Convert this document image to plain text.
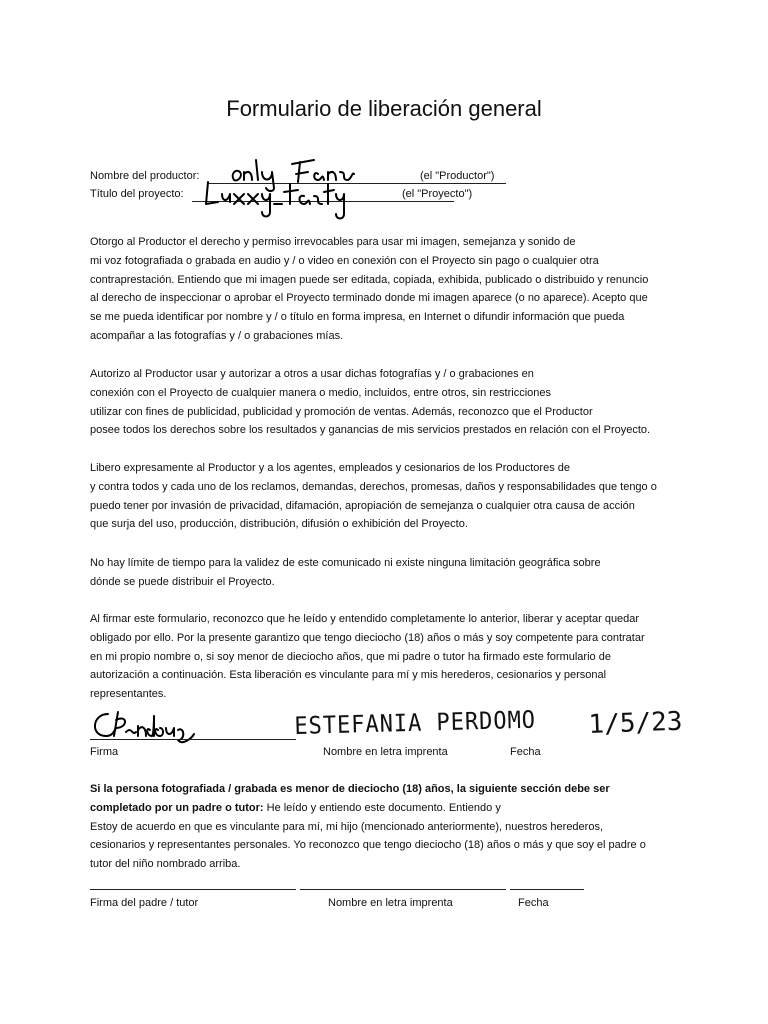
Formulario de liberación general
Nombre del productor:	(el "Productor")
Título del proyecto:	(el "Proyecto")
Otorgo al Productor el derecho y permiso irrevocables para usar mi imagen, semejanza y sonido de
mi voz fotografiada o grabada en audio y / o video en conexión con el Proyecto sin pago o cualquier otra
contraprestación. Entiendo que mi imagen puede ser editada, copiada, exhibida, publicado o distribuido y renuncio
al derecho de inspeccionar o aprobar el Proyecto terminado donde mi imagen aparece (o no aparece). Acepto que
se me pueda identificar por nombre y / o título en forma impresa, en Internet o difundir información que pueda
acompañar a las fotografías y / o grabaciones mías.
Autorizo al Productor usar y autorizar a otros a usar dichas fotografías y / o grabaciones en
conexión con el Proyecto de cualquier manera o medio, incluidos, entre otros, sin restricciones
utilizar con fines de publicidad, publicidad y promoción de ventas. Además, reconozco que el Productor
posee todos los derechos sobre los resultados y ganancias de mis servicios prestados en relación con el Proyecto.
Libero expresamente al Productor y a los agentes, empleados y cesionarios de los Productores de
y contra todos y cada uno de los reclamos, demandas, derechos, promesas, daños y responsabilidades que tengo o
puedo tener por invasión de privacidad, difamación, apropiación de semejanza o cualquier otra causa de acción
que surja del uso, producción, distribución, difusión o exhibición del Proyecto.
No hay límite de tiempo para la validez de este comunicado ni existe ninguna limitación geográfica sobre
dónde se puede distribuir el Proyecto.
Al firmar este formulario, reconozco que he leído y entendido completamente lo anterior, liberar y aceptar quedar
obligado por ello. Por la presente garantizo que tengo dieciocho (18) años o más y soy competente para contratar
en mi propio nombre o, si soy menor de dieciocho años, que mi padre o tutor ha firmado este formulario de
autorización a continuación. Esta liberación es vinculante para mí y mis herederos, cesionarios y personal
representantes.
ESTEFANIA PERDOMO 1/5/23
Firma	Nombre en letra imprenta	Fecha
Si la persona fotografiada / grabada es menor de dieciocho (18) años, la siguiente sección debe ser
completado por un padre o tutor: He leído y entiendo este documento. Entiendo y
Estoy de acuerdo en que es vinculante para mí, mi hijo (mencionado anteriormente), nuestros herederos,
cesionarios y representantes personales. Yo reconozco que tengo dieciocho (18) años o más y que soy el padre o
tutor del niño nombrado arriba.
Firma del padre / tutor	Nombre en letra imprenta	Fecha
